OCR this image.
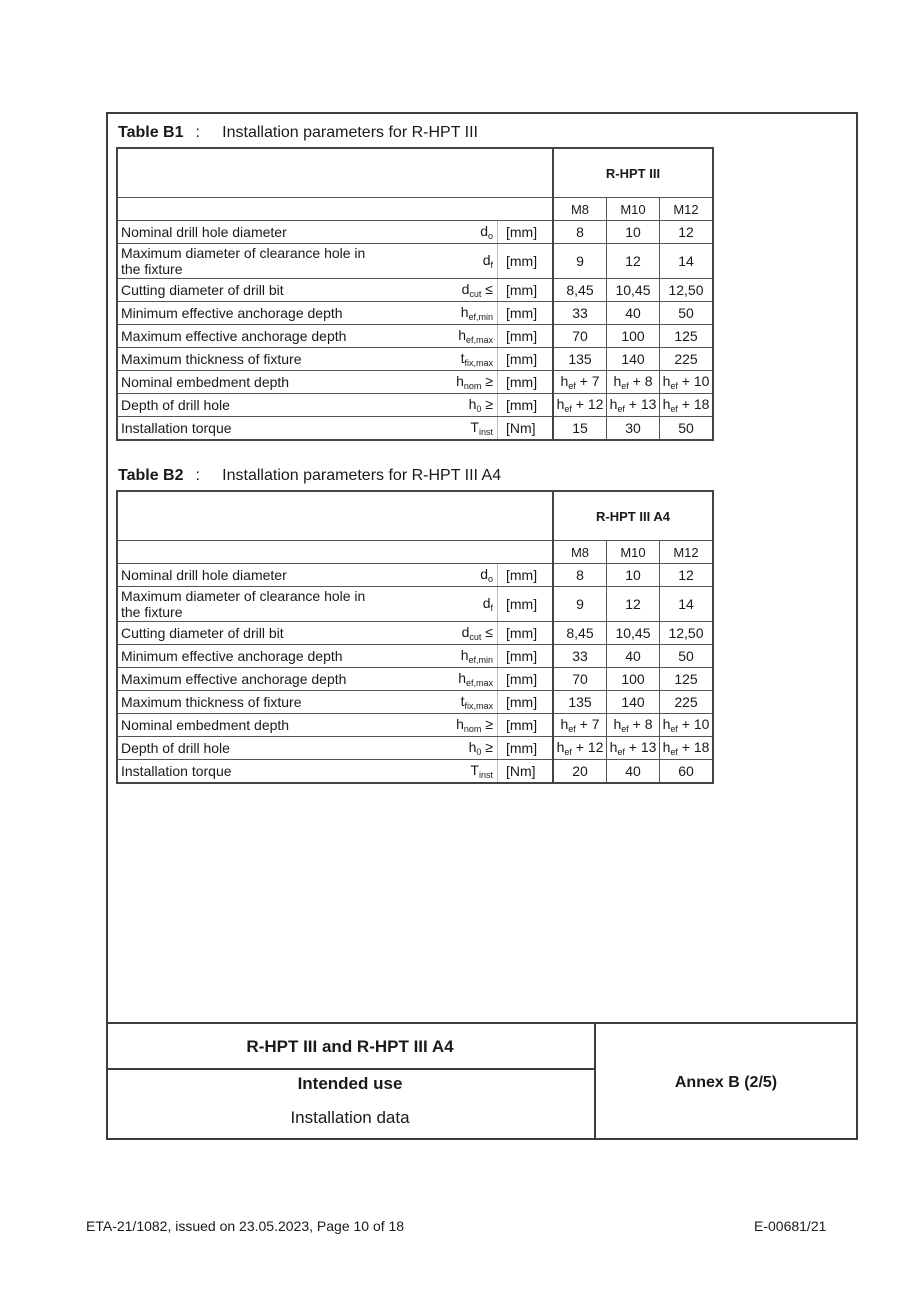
Table B1 :     Installation parameters for R-HPT III
			R-HPT III		
			M8	M10	M12
Nominal drill hole diameter	$d_o$	[mm]	8	10	12
Maximum diameter of clearance hole in the fixture	$d_f$	[mm]	9	12	14
Cutting diameter of drill bit	$d_{cut}$ ≤	[mm]	8,45	10,45	12,50
Minimum effective anchorage depth	$h_{ef,min}$	[mm]	33	40	50
Maximum effective anchorage depth	$h_{ef,max}$	[mm]	70	100	125
Maximum thickness of fixture	$t_{fix,max}$	[mm]	135	140	225
Nominal embedment depth	$h_{nom}$ ≥	[mm]	$h_{ef} + 7$	$h_{ef} + 8$	$h_{ef} + 10$
Depth of drill hole	$h_0$ ≥	[mm]	$h_{ef} + 12$	$h_{ef} + 13$	$h_{ef} + 18$
Installation torque	$T_{inst}$	[Nm]	15	30	50
Table B2 :     Installation parameters for R-HPT III A4
			R-HPT III A4		
			M8	M10	M12
Nominal drill hole diameter	$d_o$	[mm]	8	10	12
Maximum diameter of clearance hole in the fixture	$d_f$	[mm]	9	12	14
Cutting diameter of drill bit	$d_{cut}$ ≤	[mm]	8,45	10,45	12,50
Minimum effective anchorage depth	$h_{ef,min}$	[mm]	33	40	50
Maximum effective anchorage depth	$h_{ef,max}$	[mm]	70	100	125
Maximum thickness of fixture	$t_{fix,max}$	[mm]	135	140	225
Nominal embedment depth	$h_{nom}$ ≥	[mm]	$h_{ef} + 7$	$h_{ef} + 8$	$h_{ef} + 10$
Depth of drill hole	$h_0$ ≥	[mm]	$h_{ef} + 12$	$h_{ef} + 13$	$h_{ef} + 18$
Installation torque	$T_{inst}$	[Nm]	20	40	60
R-HPT III and R-HPT III A4
Intended use
Installation data
Annex B (2/5)
ETA-21/1082, issued on 23.05.2023, Page 10 of 18	E-00681/21
